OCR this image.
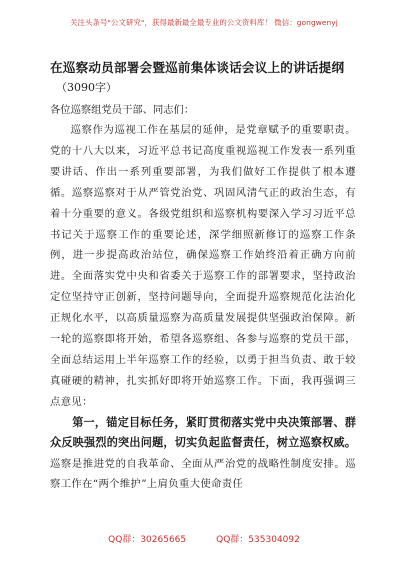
关注头条号"公文研究"，获得最新最全最专业的公文资料库！ 微信：gongwenyj

在巡察动员部署会暨巡前集体谈话会议上的讲话提纲

（3090字）

各位巡察组党员干部、同志们：

巡察作为巡视工作在基层的延伸，是党章赋予的重要职责。党的十八大以来，习近平总书记高度重视巡视工作发表一系列重要讲话、作出一系列重要部署，为我们做好工作提供了根本遵循。巡察巡察对于从严管党治党、巩固风清气正的政治生态，有着十分重要的意义。各级党组织和巡察机构要深入学习习近平总书记关于巡察工作的重要论述，深学细照新修订的巡察工作条例，进一步提高政治站位，确保巡察工作始终沿着正确方向前进。全面落实党中央和省委关于巡察工作的部署要求，坚持政治定位坚持守正创新，坚持问题导向，全面提升巡察规范化法治化正规化水平，以高质量巡察为高质量发展提供坚强政治保障。新一轮的巡察即将开始，希望各巡察组、各参与巡察的党员干部，全面总结运用上半年巡察工作的经验，以勇于担当负责、敢于较真碰硬的精神，扎实抓好即将开始巡察工作。下面，我再强调三点意见：

第一，锚定目标任务，紧盯贯彻落实党中央决策部署、群众反映强烈的突出问题，切实负起监督责任，树立巡察权威。巡察是推进党的自我革命、全面从严治党的战略性制度安排。巡察工作在“两个维护”上肩负重大使命责任

QQ群：30265665	QQ群：535304092
